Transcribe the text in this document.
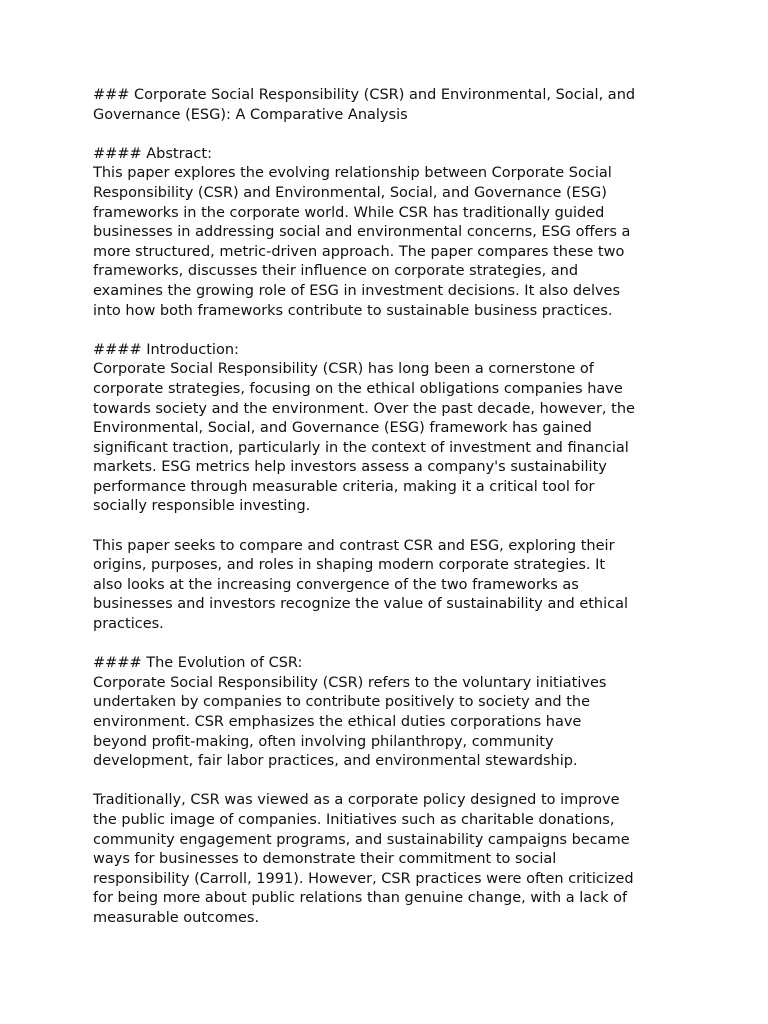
### Corporate Social Responsibility (CSR) and Environmental, Social, and
Governance (ESG): A Comparative Analysis
#### Abstract:
This paper explores the evolving relationship between Corporate Social
Responsibility (CSR) and Environmental, Social, and Governance (ESG)
frameworks in the corporate world. While CSR has traditionally guided
businesses in addressing social and environmental concerns, ESG offers a
more structured, metric-driven approach. The paper compares these two
frameworks, discusses their influence on corporate strategies, and
examines the growing role of ESG in investment decisions. It also delves
into how both frameworks contribute to sustainable business practices.
#### Introduction:
Corporate Social Responsibility (CSR) has long been a cornerstone of
corporate strategies, focusing on the ethical obligations companies have
towards society and the environment. Over the past decade, however, the
Environmental, Social, and Governance (ESG) framework has gained
significant traction, particularly in the context of investment and financial
markets. ESG metrics help investors assess a company's sustainability
performance through measurable criteria, making it a critical tool for
socially responsible investing.
This paper seeks to compare and contrast CSR and ESG, exploring their
origins, purposes, and roles in shaping modern corporate strategies. It
also looks at the increasing convergence of the two frameworks as
businesses and investors recognize the value of sustainability and ethical
practices.
#### The Evolution of CSR:
Corporate Social Responsibility (CSR) refers to the voluntary initiatives
undertaken by companies to contribute positively to society and the
environment. CSR emphasizes the ethical duties corporations have
beyond profit-making, often involving philanthropy, community
development, fair labor practices, and environmental stewardship.
Traditionally, CSR was viewed as a corporate policy designed to improve
the public image of companies. Initiatives such as charitable donations,
community engagement programs, and sustainability campaigns became
ways for businesses to demonstrate their commitment to social
responsibility (Carroll, 1991). However, CSR practices were often criticized
for being more about public relations than genuine change, with a lack of
measurable outcomes.
